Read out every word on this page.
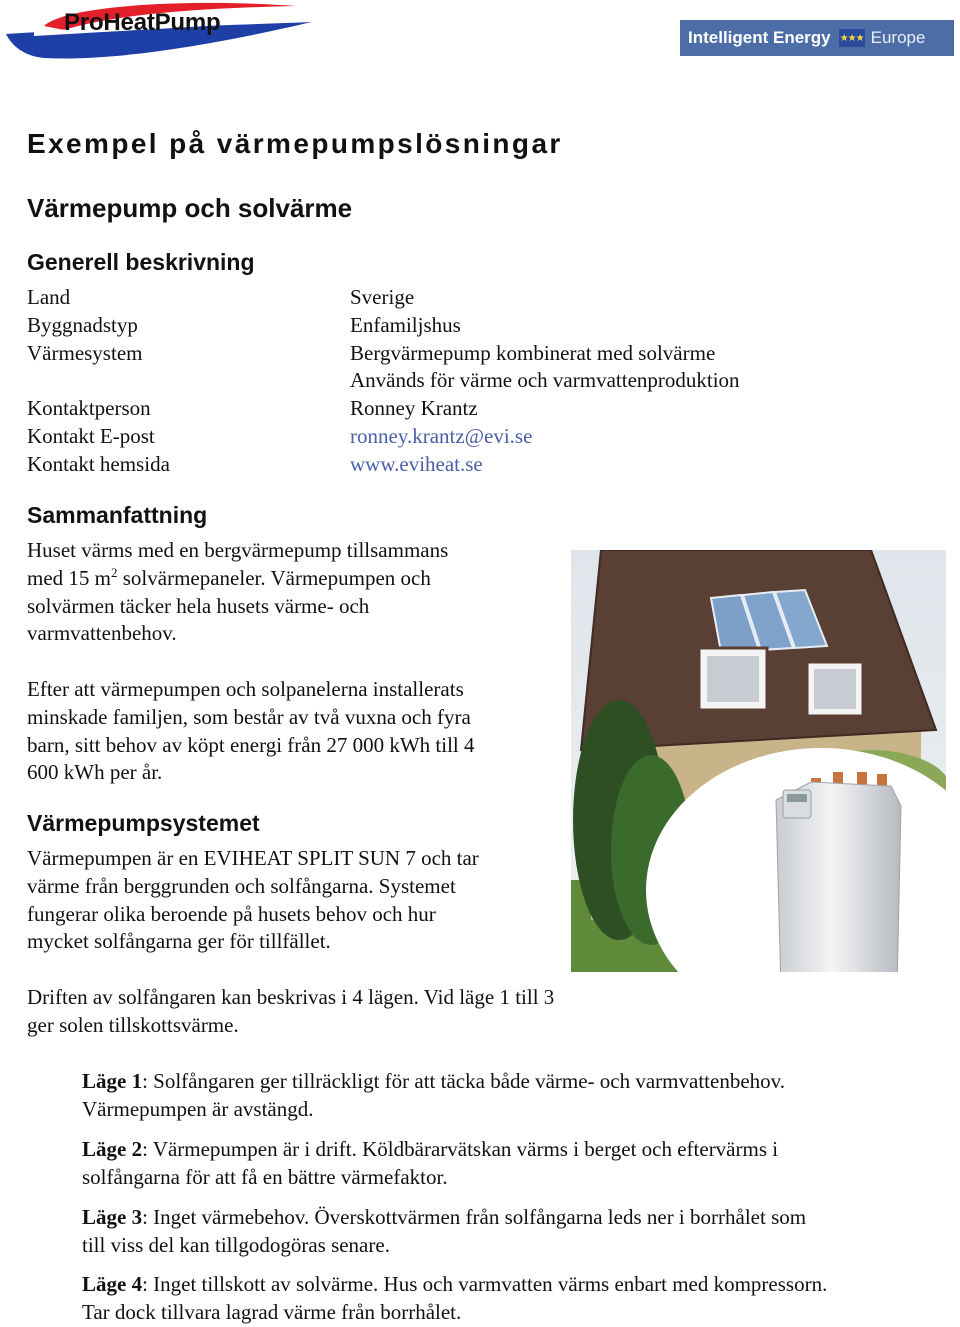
ProHeatPump
Intelligent Energy ★★★ Europe
Exempel på värmepumpslösningar
Värmepump och solvärme
Generell beskrivning
Land	Sverige
Byggnadstyp	Enfamiljshus
Värmesystem	Bergvärmepump kombinerat med solvärme
Används för värme och varmvattenproduktion
Kontaktperson	Ronney Krantz
Kontakt E-post	ronney.krantz@evi.se
Kontakt hemsida	www.eviheat.se
Sammanfattning
Huset värms med en bergvärmepump tillsammans
med 15 $m^2$ solvärmepaneler. Värmepumpen och
solvärmen täcker hela husets värme- och
varmvattenbehov.
Efter att värmepumpen och solpanelerna installerats
minskade familjen, som består av två vuxna och fyra
barn, sitt behov av köpt energi från 27 000 kWh till 4
600 kWh per år.
Värmepumpsystemet
Värmepumpen är en EVIHEAT SPLIT SUN 7 och tar
värme från berggrunden och solfångarna. Systemet
fungerar olika beroende på husets behov och hur
mycket solfångarna ger för tillfället.
Driften av solfångaren kan beskrivas i 4 lägen. Vid läge 1 till 3
ger solen tillskottsvärme.
Läge 1: Solfångaren ger tillräckligt för att täcka både värme- och varmvattenbehov.
Värmepumpen är avstängd.
Läge 2: Värmepumpen är i drift. Köldbärarvätskan värms i berget och eftervärms i
solfångarna för att få en bättre värmefaktor.
Läge 3: Inget värmebehov. Överskottvärmen från solfångarna leds ner i borrhålet som
till viss del kan tillgodogöras senare.
Läge 4: Inget tillskott av solvärme. Hus och varmvatten värms enbart med kompressorn.
Tar dock tillvara lagrad värme från borrhålet.
